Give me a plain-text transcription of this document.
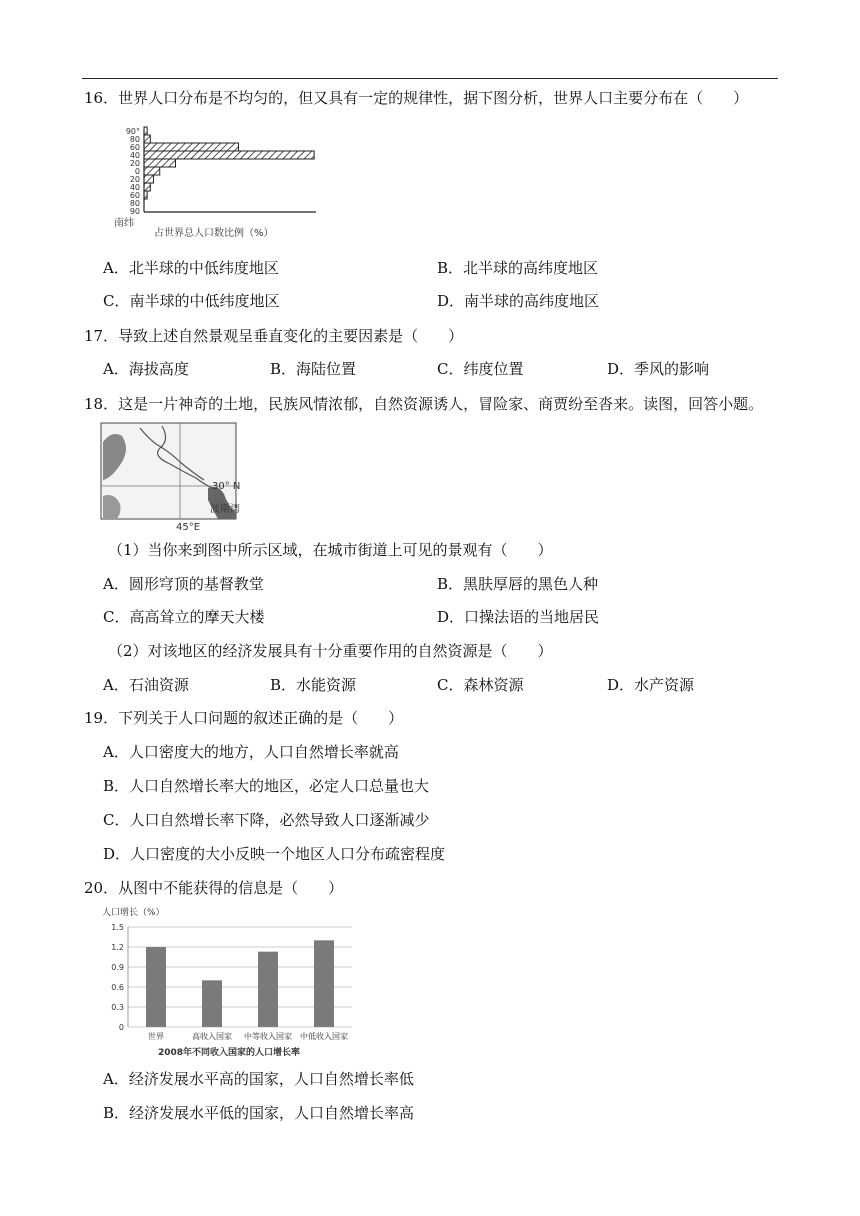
16．世界人口分布是不均匀的，但又具有一定的规律性，据下图分析，世界人口主要分布在（　　）
90°
80
60
40
20
0
20
40
60
80
90
南纬
占世界总人口数比例（%）
A．北半球的中低纬度地区	B．北半球的高纬度地区
C．南半球的中低纬度地区	D．南半球的高纬度地区
17．导致上述自然景观呈垂直变化的主要因素是（　　）
A．海拔高度	B．海陆位置	C．纬度位置	D．季风的影响
18．这是一片神奇的土地，民族风情浓郁，自然资源诱人，冒险家、商贾纷至沓来。读图，回答小题。
30° N
波斯湾
45°E
（1）当你来到图中所示区域，在城市街道上可见的景观有（　　）
A．圆形穹顶的基督教堂	B．黑肤厚唇的黑色人种
C．高高耸立的摩天大楼	D．口操法语的当地居民
（2）对该地区的经济发展具有十分重要作用的自然资源是（　　）
A．石油资源	B．水能资源	C．森林资源	D．水产资源
19．下列关于人口问题的叙述正确的是（　　）
A．人口密度大的地方，人口自然增长率就高
B．人口自然增长率大的地区，必定人口总量也大
C．人口自然增长率下降，必然导致人口逐渐减少
D．人口密度的大小反映一个地区人口分布疏密程度
20．从图中不能获得的信息是（　　）
人口增长（%）
0
0.3
0.6
0.9
1.2
1.5
世界	高收入国家 中等收入国家 中低收入国家
2008年不同收入国家的人口增长率
A．经济发展水平高的国家，人口自然增长率低
B．经济发展水平低的国家，人口自然增长率高
